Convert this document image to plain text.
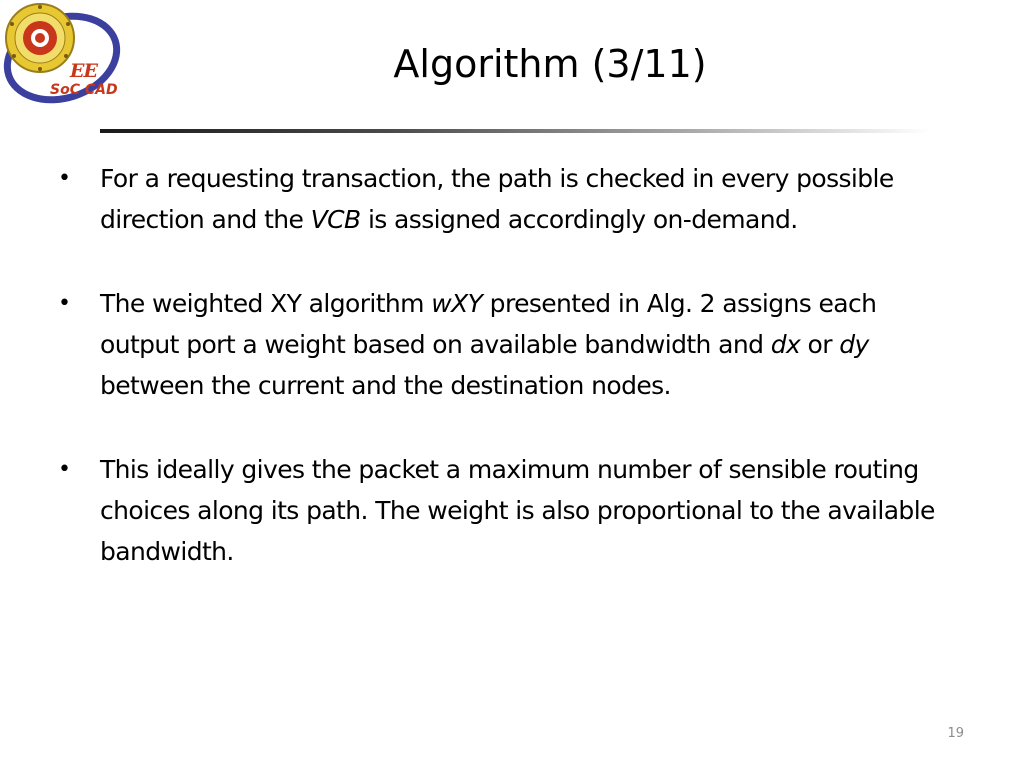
EE
SoC CAD
Algorithm (3/11)
• For a requesting transaction, the path is checked in every possible direction and the VCB is assigned accordingly on-demand.
• The weighted XY algorithm wXY presented in Alg. 2 assigns each output port a weight based on available bandwidth and dx or dy between the current and the destination nodes.
• This ideally gives the packet a maximum number of sensible routing choices along its path. The weight is also proportional to the available bandwidth.
19
